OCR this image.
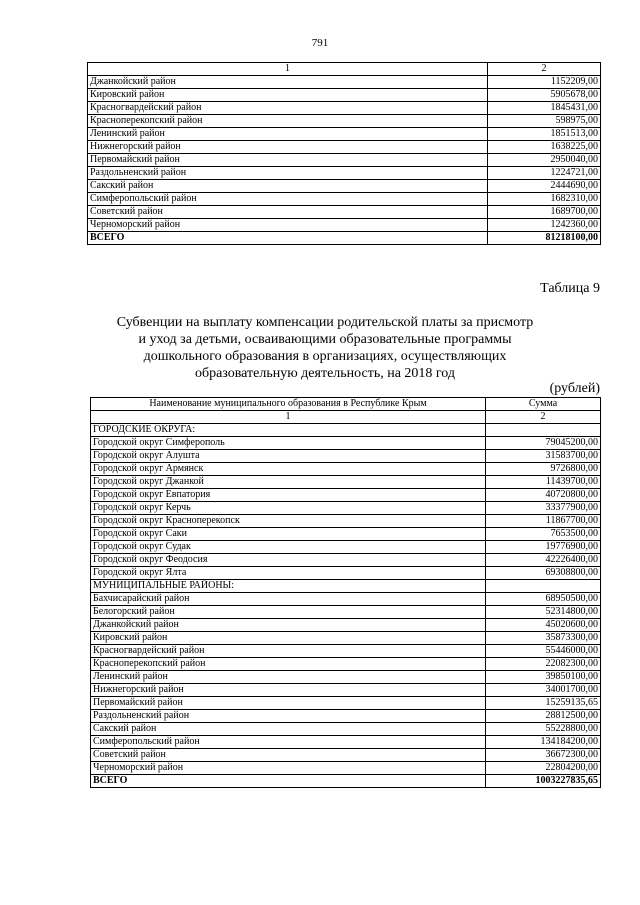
791
1	2
Джанкойский район	1152209,00
Кировский район	5905678,00
Красногвардейский район	1845431,00
Красноперекопский район	598975,00
Ленинский район	1851513,00
Нижнегорский район	1638225,00
Первомайский район	2950040,00
Раздольненский район	1224721,00
Сакский район	2444690,00
Симферопольский район	1682310,00
Советский район	1689700,00
Черноморский район	1242360,00
ВСЕГО	81218100,00
Таблица 9
Субвенции на выплату компенсации родительской платы за присмотр
и уход за детьми, осваивающими образовательные программы
дошкольного образования в организациях, осуществляющих
образовательную деятельность, на 2018 год
(рублей)
Наименование муниципального образования в Республике Крым	Сумма
1	2
ГОРОДСКИЕ ОКРУГА:	
Городской округ Симферополь	79045200,00
Городской округ Алушта	31583700,00
Городской округ Армянск	9726800,00
Городской округ Джанкой	11439700,00
Городской округ Евпатория	40720800,00
Городской округ Керчь	33377900,00
Городской округ Красноперекопск	11867700,00
Городской округ Саки	7653500,00
Городской округ Судак	19776900,00
Городской округ Феодосия	42226400,00
Городской округ Ялта	69308800,00
МУНИЦИПАЛЬНЫЕ РАЙОНЫ:	
Бахчисарайский район	68950500,00
Белогорский район	52314800,00
Джанкойский район	45020600,00
Кировский район	35873300,00
Красногвардейский район	55446000,00
Красноперекопский район	22082300,00
Ленинский район	39850100,00
Нижнегорский район	34001700,00
Первомайский район	15259135,65
Раздольненский район	28812500,00
Сакский район	55228800,00
Симферопольский район	134184200,00
Советский район	36672300,00
Черноморский район	22804200,00
ВСЕГО	1003227835,65
